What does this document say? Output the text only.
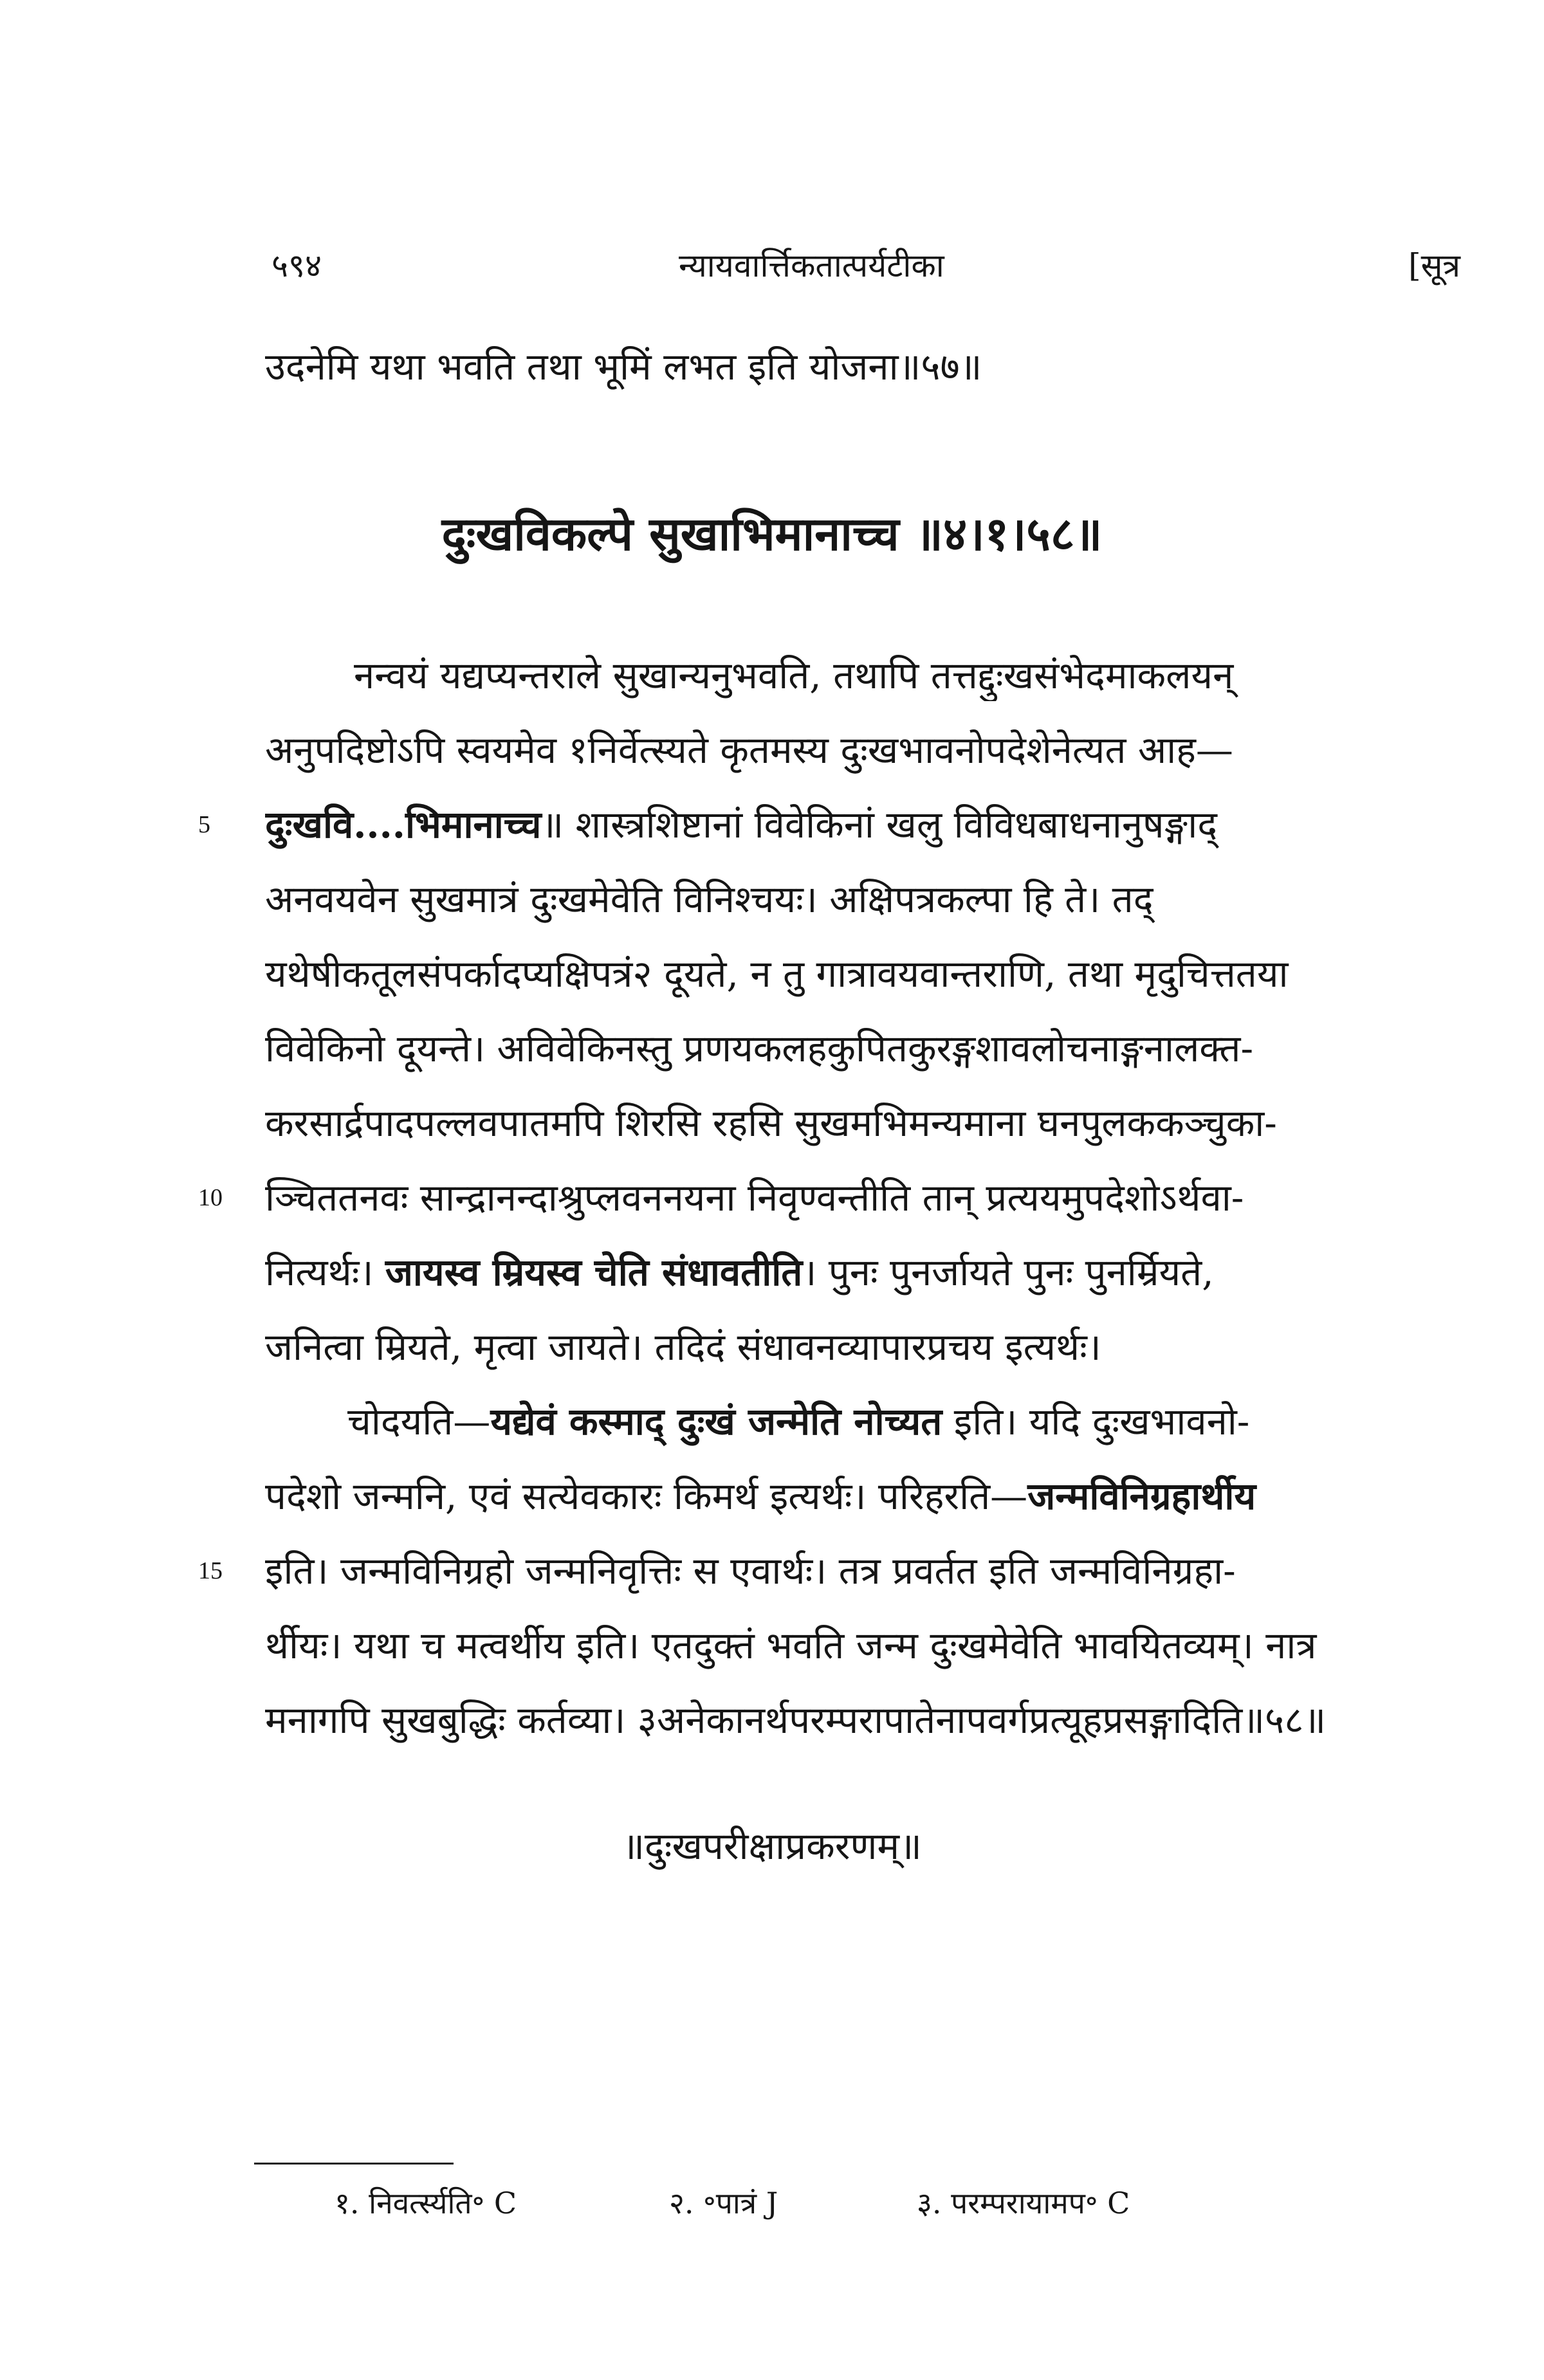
५९४	न्यायवार्त्तिकतात्पर्यटीका	[सूत्र
उदनेमि यथा भवति तथा भूमिं लभत इति योजना॥५७॥
दुःखविकल्पे सुखाभिमानाच्च ॥४।१।५८॥
नन्वयं यद्यप्यन्तराले सुखान्यनुभवति, तथापि तत्तद्दुःखसंभेदमाकलयन्
अनुपदिष्टोऽपि स्वयमेव १निर्वेत्स्यते कृतमस्य दुःखभावनोपदेशेनेत्यत आह—
5 दुःखवि....भिमानाच्च॥ शास्त्रशिष्टानां विवेकिनां खलु विविधबाधनानुषङ्गाद्
अनवयवेन सुखमात्रं दुःखमेवेति विनिश्चयः। अक्षिपत्रकल्पा हि ते। तद्
यथेषीकतूलसंपर्कादप्यक्षिपत्रं२ दूयते, न तु गात्रावयवान्तराणि, तथा मृदुचित्ततया
विवेकिनो दूयन्ते। अविवेकिनस्तु प्रणयकलहकुपितकुरङ्गशावलोचनाङ्गनालक्त-
करसार्द्रपादपल्लवपातमपि शिरसि रहसि सुखमभिमन्यमाना घनपुलककञ्चुका-
10 ञ्चिततनवः सान्द्रानन्दाश्रुप्लवननयना निवृण्वन्तीति तान् प्रत्ययमुपदेशोऽर्थवा-
नित्यर्थः। जायस्व म्रियस्व चेति संधावतीति। पुनः पुनर्जायते पुनः पुनर्म्रियते,
जनित्वा म्रियते, मृत्वा जायते। तदिदं संधावनव्यापारप्रचय इत्यर्थः।
चोदयति—यद्येवं कस्माद् दुःखं जन्मेति नोच्यत इति। यदि दुःखभावनो-
पदेशो जन्मनि, एवं सत्येवकारः किमर्थ इत्यर्थः। परिहरति—जन्मविनिग्रहार्थीय
15 इति। जन्मविनिग्रहो जन्मनिवृत्तिः स एवार्थः। तत्र प्रवर्तत इति जन्मविनिग्रहा-
र्थीयः। यथा च मत्वर्थीय इति। एतदुक्तं भवति जन्म दुःखमेवेति भावयितव्यम्। नात्र
मनागपि सुखबुद्धिः कर्तव्या। ३अनेकानर्थपरम्परापातेनापवर्गप्रत्यूहप्रसङ्गादिति॥५८॥
॥दुःखपरीक्षाप्रकरणम्॥
१. निवर्त्स्यति॰ C	२. ॰पात्रं J	३. परम्परायामप॰ C
